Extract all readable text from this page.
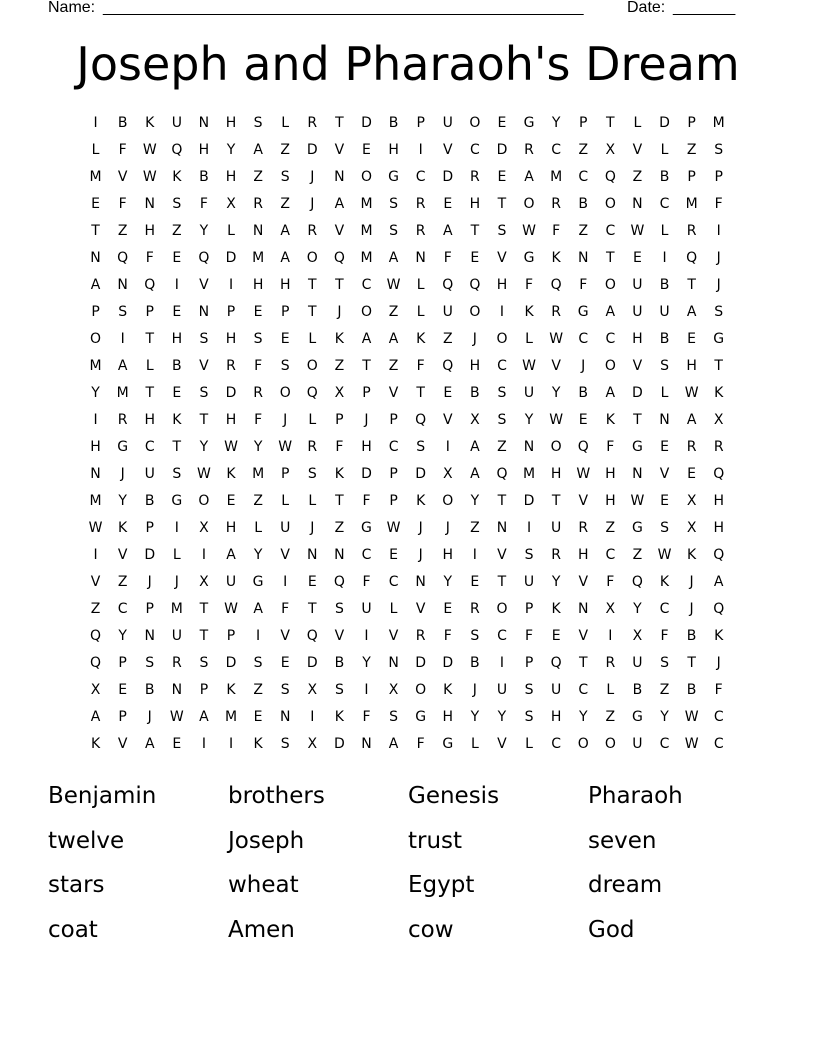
Name: ______________________________________________________	Date: _______
Joseph and Pharaoh's Dream
I	B	K	U	N	H	S	L	R	T	D	B	P	U	O	E	G	Y	P	T	L	D	P	M
L	F	W	Q	H	Y	A	Z	D	V	E	H	I	V	C	D	R	C	Z	X	V	L	Z	S
M	V	W	K	B	H	Z	S	J	N	O	G	C	D	R	E	A	M	C	Q	Z	B	P	P
E	F	N	S	F	X	R	Z	J	A	M	S	R	E	H	T	O	R	B	O	N	C	M	F
T	Z	H	Z	Y	L	N	A	R	V	M	S	R	A	T	S	W	F	Z	C	W	L	R	I
N	Q	F	E	Q	D	M	A	O	Q	M	A	N	F	E	V	G	K	N	T	E	I	Q	J
A	N	Q	I	V	I	H	H	T	T	C	W	L	Q	Q	H	F	Q	F	O	U	B	T	J
P	S	P	E	N	P	E	P	T	J	O	Z	L	U	O	I	K	R	G	A	U	U	A	S
O	I	T	H	S	H	S	E	L	K	A	A	K	Z	J	O	L	W	C	C	H	B	E	G
M	A	L	B	V	R	F	S	O	Z	T	Z	F	Q	H	C	W	V	J	O	V	S	H	T
Y	M	T	E	S	D	R	O	Q	X	P	V	T	E	B	S	U	Y	B	A	D	L	W	K
I	R	H	K	T	H	F	J	L	P	J	P	Q	V	X	S	Y	W	E	K	T	N	A	X
H	G	C	T	Y	W	Y	W	R	F	H	C	S	I	A	Z	N	O	Q	F	G	E	R	R
N	J	U	S	W	K	M	P	S	K	D	P	D	X	A	Q	M	H	W	H	N	V	E	Q
M	Y	B	G	O	E	Z	L	L	T	F	P	K	O	Y	T	D	T	V	H	W	E	X	H
W	K	P	I	X	H	L	U	J	Z	G	W	J	J	Z	N	I	U	R	Z	G	S	X	H
I	V	D	L	I	A	Y	V	N	N	C	E	J	H	I	V	S	R	H	C	Z	W	K	Q
V	Z	J	J	X	U	G	I	E	Q	F	C	N	Y	E	T	U	Y	V	F	Q	K	J	A
Z	C	P	M	T	W	A	F	T	S	U	L	V	E	R	O	P	K	N	X	Y	C	J	Q
Q	Y	N	U	T	P	I	V	Q	V	I	V	R	F	S	C	F	E	V	I	X	F	B	K
Q	P	S	R	S	D	S	E	D	B	Y	N	D	D	B	I	P	Q	T	R	U	S	T	J
X	E	B	N	P	K	Z	S	X	S	I	X	O	K	J	U	S	U	C	L	B	Z	B	F
A	P	J	W	A	M	E	N	I	K	F	S	G	H	Y	Y	S	H	Y	Z	G	Y	W	C
K	V	A	E	I	I	K	S	X	D	N	A	F	G	L	V	L	C	O	O	U	C	W	C
Benjamin	brothers	Genesis	Pharaoh
twelve	Joseph	trust	seven
stars	wheat	Egypt	dream
coat	Amen	cow	God
